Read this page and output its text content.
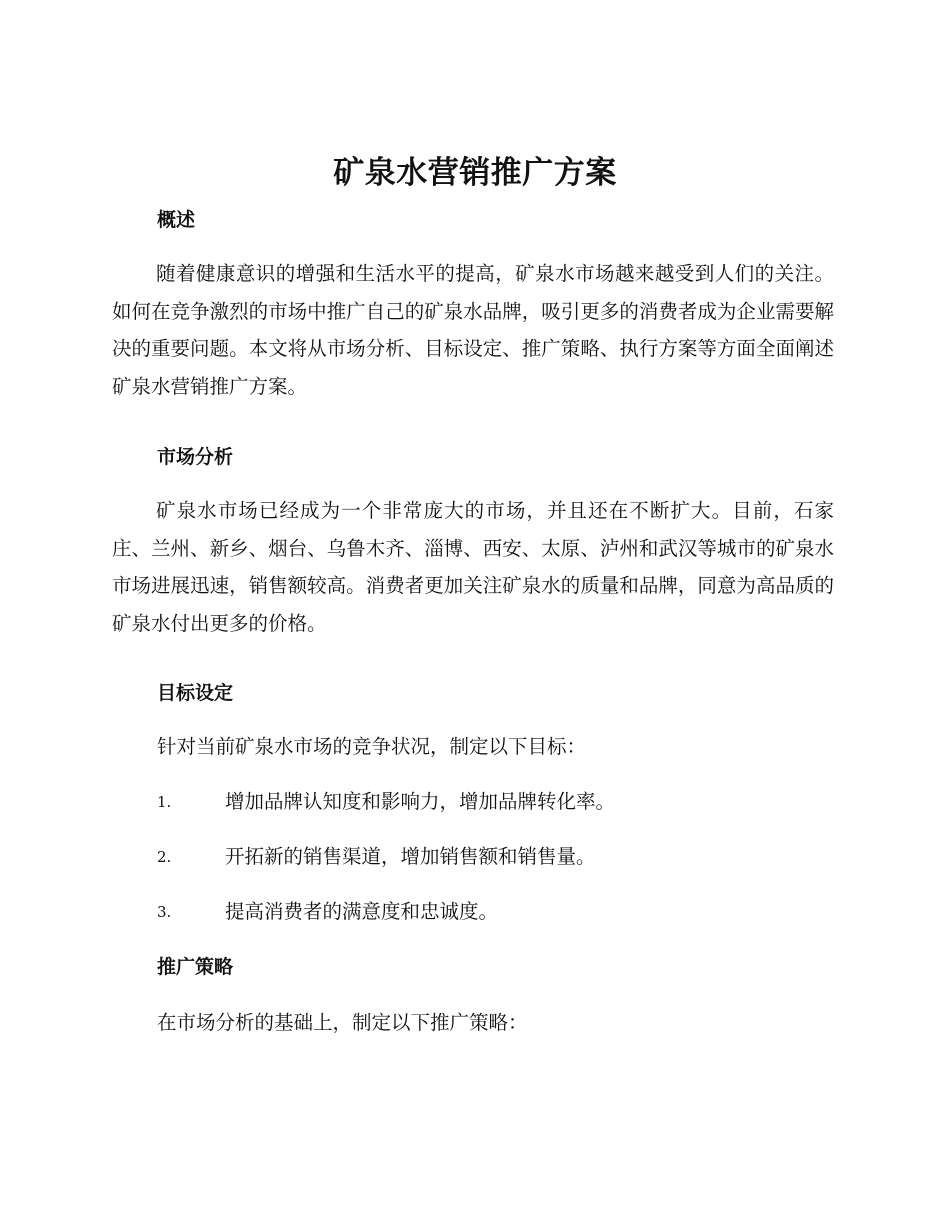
矿泉水营销推广方案
概述

随着健康意识的增强和生活水平的提高，矿泉水市场越来越受到人们的关注。如何在竞争激烈的市场中推广自己的矿泉水品牌，吸引更多的消费者成为企业需要解决的重要问题。本文将从市场分析、目标设定、推广策略、执行方案等方面全面阐述矿泉水营销推广方案。

市场分析

矿泉水市场已经成为一个非常庞大的市场，并且还在不断扩大。目前，石家庄、兰州、新乡、烟台、乌鲁木齐、淄博、西安、太原、泸州和武汉等城市的矿泉水市场进展迅速，销售额较高。消费者更加关注矿泉水的质量和品牌，同意为高品质的矿泉水付出更多的价格。

目标设定
针对当前矿泉水市场的竞争状况，制定以下目标：
1.	增加品牌认知度和影响力，增加品牌转化率。
2.	开拓新的销售渠道，增加销售额和销售量。
3.	提高消费者的满意度和忠诚度。
推广策略
在市场分析的基础上，制定以下推广策略：
